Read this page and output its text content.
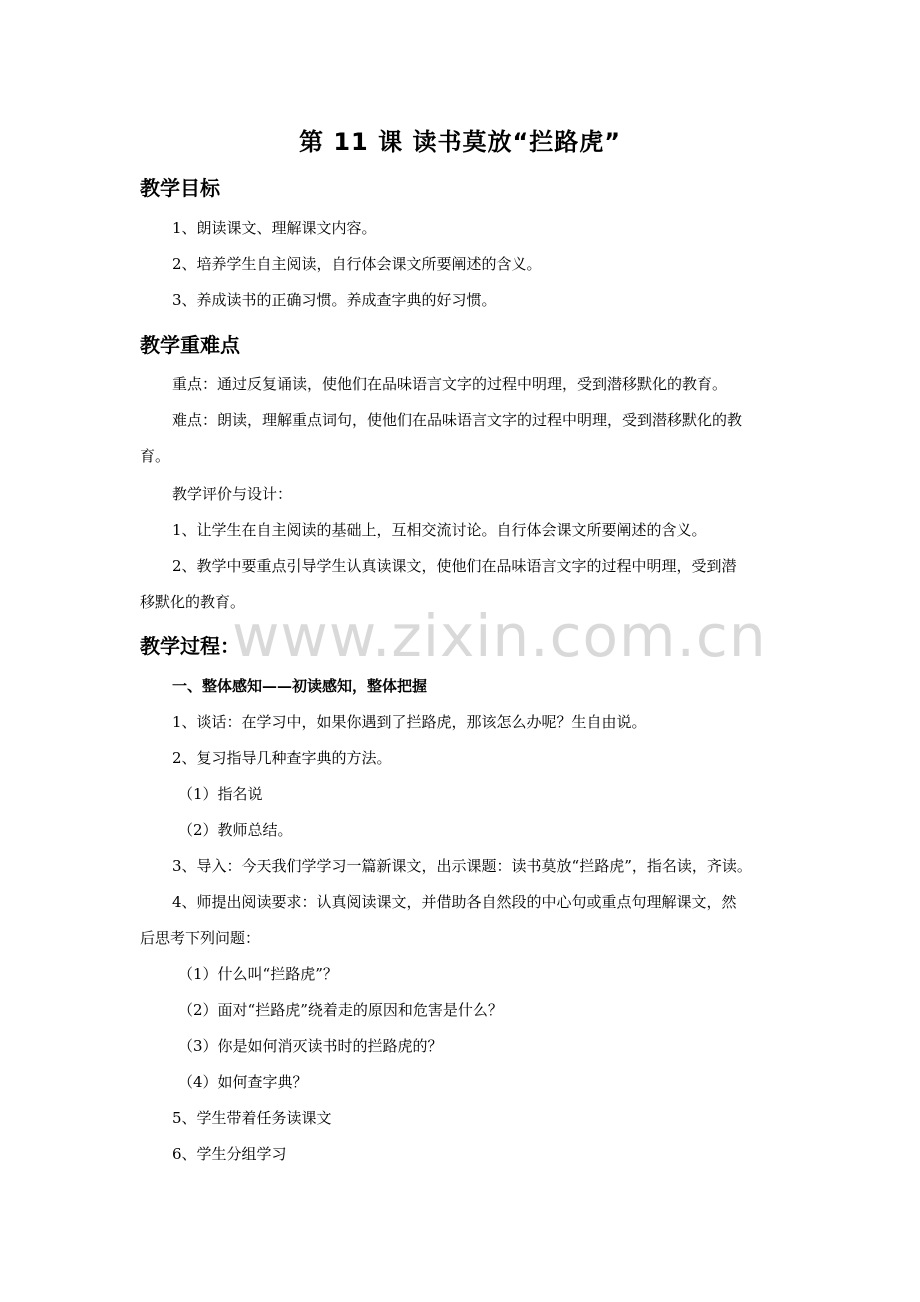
第 11 课 读书莫放“拦路虎”
教学目标
1、朗读课文、理解课文内容。
2、培养学生自主阅读，自行体会课文所要阐述的含义。
3、养成读书的正确习惯。养成查字典的好习惯。
教学重难点
重点：通过反复诵读，使他们在品味语言文字的过程中明理，受到潜移默化的教育。
难点：朗读，理解重点词句，使他们在品味语言文字的过程中明理，受到潜移默化的教
育。
教学评价与设计：
1、让学生在自主阅读的基础上，互相交流讨论。自行体会课文所要阐述的含义。
2、教学中要重点引导学生认真读课文，使他们在品味语言文字的过程中明理，受到潜
移默化的教育。
教学过程：
一、整体感知——初读感知，整体把握
1、谈话：在学习中，如果你遇到了拦路虎，那该怎么办呢？生自由说。
2、复习指导几种查字典的方法。
（1）指名说
（2）教师总结。
3、导入：今天我们学学习一篇新课文，出示课题：读书莫放“拦路虎”，指名读，齐读。
4、师提出阅读要求：认真阅读课文，并借助各自然段的中心句或重点句理解课文，然
后思考下列问题：
（1）什么叫“拦路虎”？
（2）面对“拦路虎”绕着走的原因和危害是什么？
（3）你是如何消灭读书时的拦路虎的？
（4）如何查字典？
5、学生带着任务读课文
6、学生分组学习
www.zixin.com.cn
